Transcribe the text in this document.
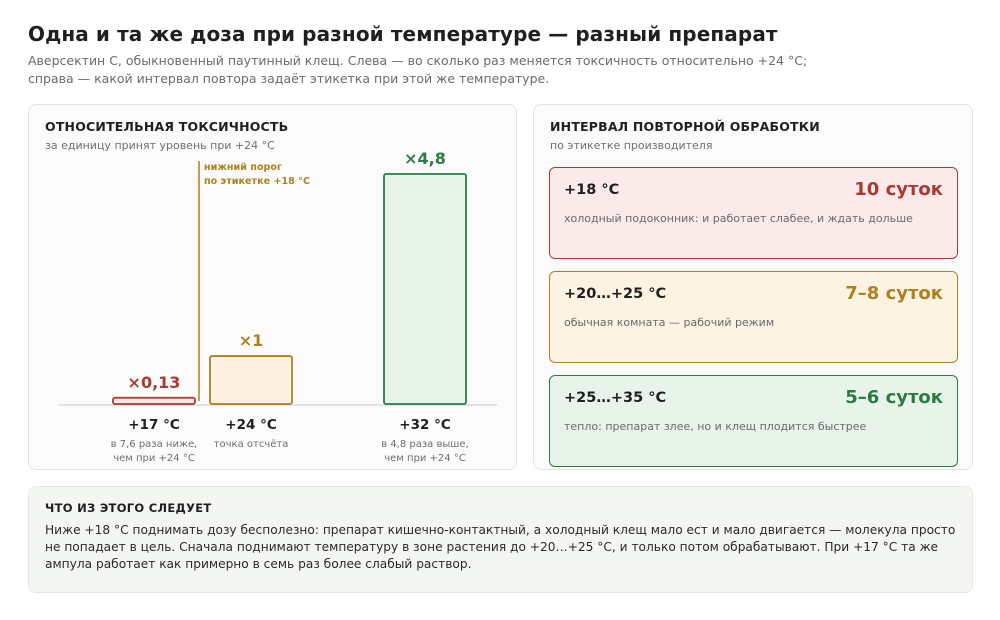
Одна и та же доза при разной температуре — разный препарат
Аверсектин С, обыкновенный паутинный клещ. Слева — во сколько раз меняется токсичность относительно +24 °C;
справа — какой интервал повтора задаёт этикетка при этой же температуре.
ОТНОСИТЕЛЬНАЯ ТОКСИЧНОСТЬ
за единицу принят уровень при +24 °C
нижний порог
по этикетке +18 °C
×0,13
+17 °C
в 7,6 раза ниже,
чем при +24 °C
×1
+24 °C
точка отсчёта
×4,8
+32 °C
в 4,8 раза выше,
чем при +24 °C
ИНТЕРВАЛ ПОВТОРНОЙ ОБРАБОТКИ
по этикетке производителя
+18 °C	10 суток
холодный подоконник: и работает слабее, и ждать дольше
+20…+25 °C	7–8 суток
обычная комната — рабочий режим
+25…+35 °C	5–6 суток
тепло: препарат злее, но и клещ плодится быстрее
ЧТО ИЗ ЭТОГО СЛЕДУЕТ
Ниже +18 °C поднимать дозу бесполезно: препарат кишечно-контактный, а холодный клещ мало ест и мало двигается — молекула просто не попадает в цель. Сначала поднимают температуру в зоне растения до +20…+25 °C, и только потом обрабатывают. При +17 °C та же ампула работает как примерно в семь раз более слабый раствор.
